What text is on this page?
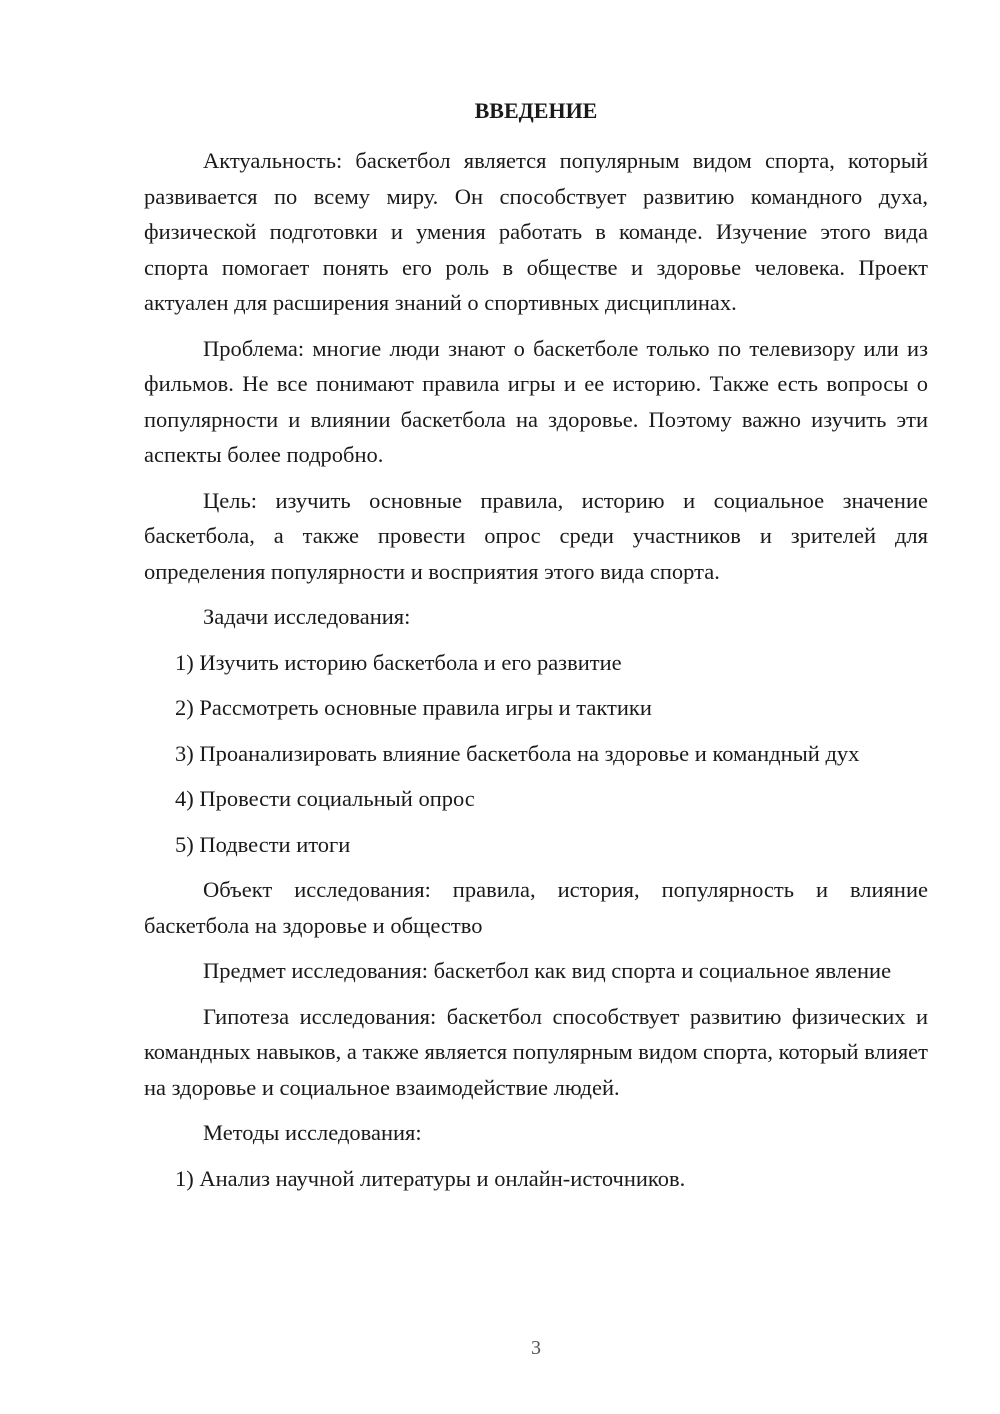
ВВЕДЕНИЕ

Актуальность: баскетбол является популярным видом спорта, который развивается по всему миру. Он способствует развитию командного духа, физической подготовки и умения работать в команде. Изучение этого вида спорта помогает понять его роль в обществе и здоровье человека. Проект актуален для расширения знаний о спортивных дисциплинах.

Проблема: многие люди знают о баскетболе только по телевизору или из фильмов. Не все понимают правила игры и ее историю. Также есть вопросы о популярности и влиянии баскетбола на здоровье. Поэтому важно изучить эти аспекты более подробно.

Цель: изучить основные правила, историю и социальное значение баскетбола, а также провести опрос среди участников и зрителей для определения популярности и восприятия этого вида спорта.

Задачи исследования:

1) Изучить историю баскетбола и его развитие

2) Рассмотреть основные правила игры и тактики

3) Проанализировать влияние баскетбола на здоровье и командный дух

4) Провести социальный опрос

5) Подвести итоги

Объект исследования: правила, история, популярность и влияние баскетбола на здоровье и общество

Предмет исследования: баскетбол как вид спорта и социальное явление

Гипотеза исследования: баскетбол способствует развитию физических и командных навыков, а также является популярным видом спорта, который влияет на здоровье и социальное взаимодействие людей.

Методы исследования:

1) Анализ научной литературы и онлайн-источников.

3
